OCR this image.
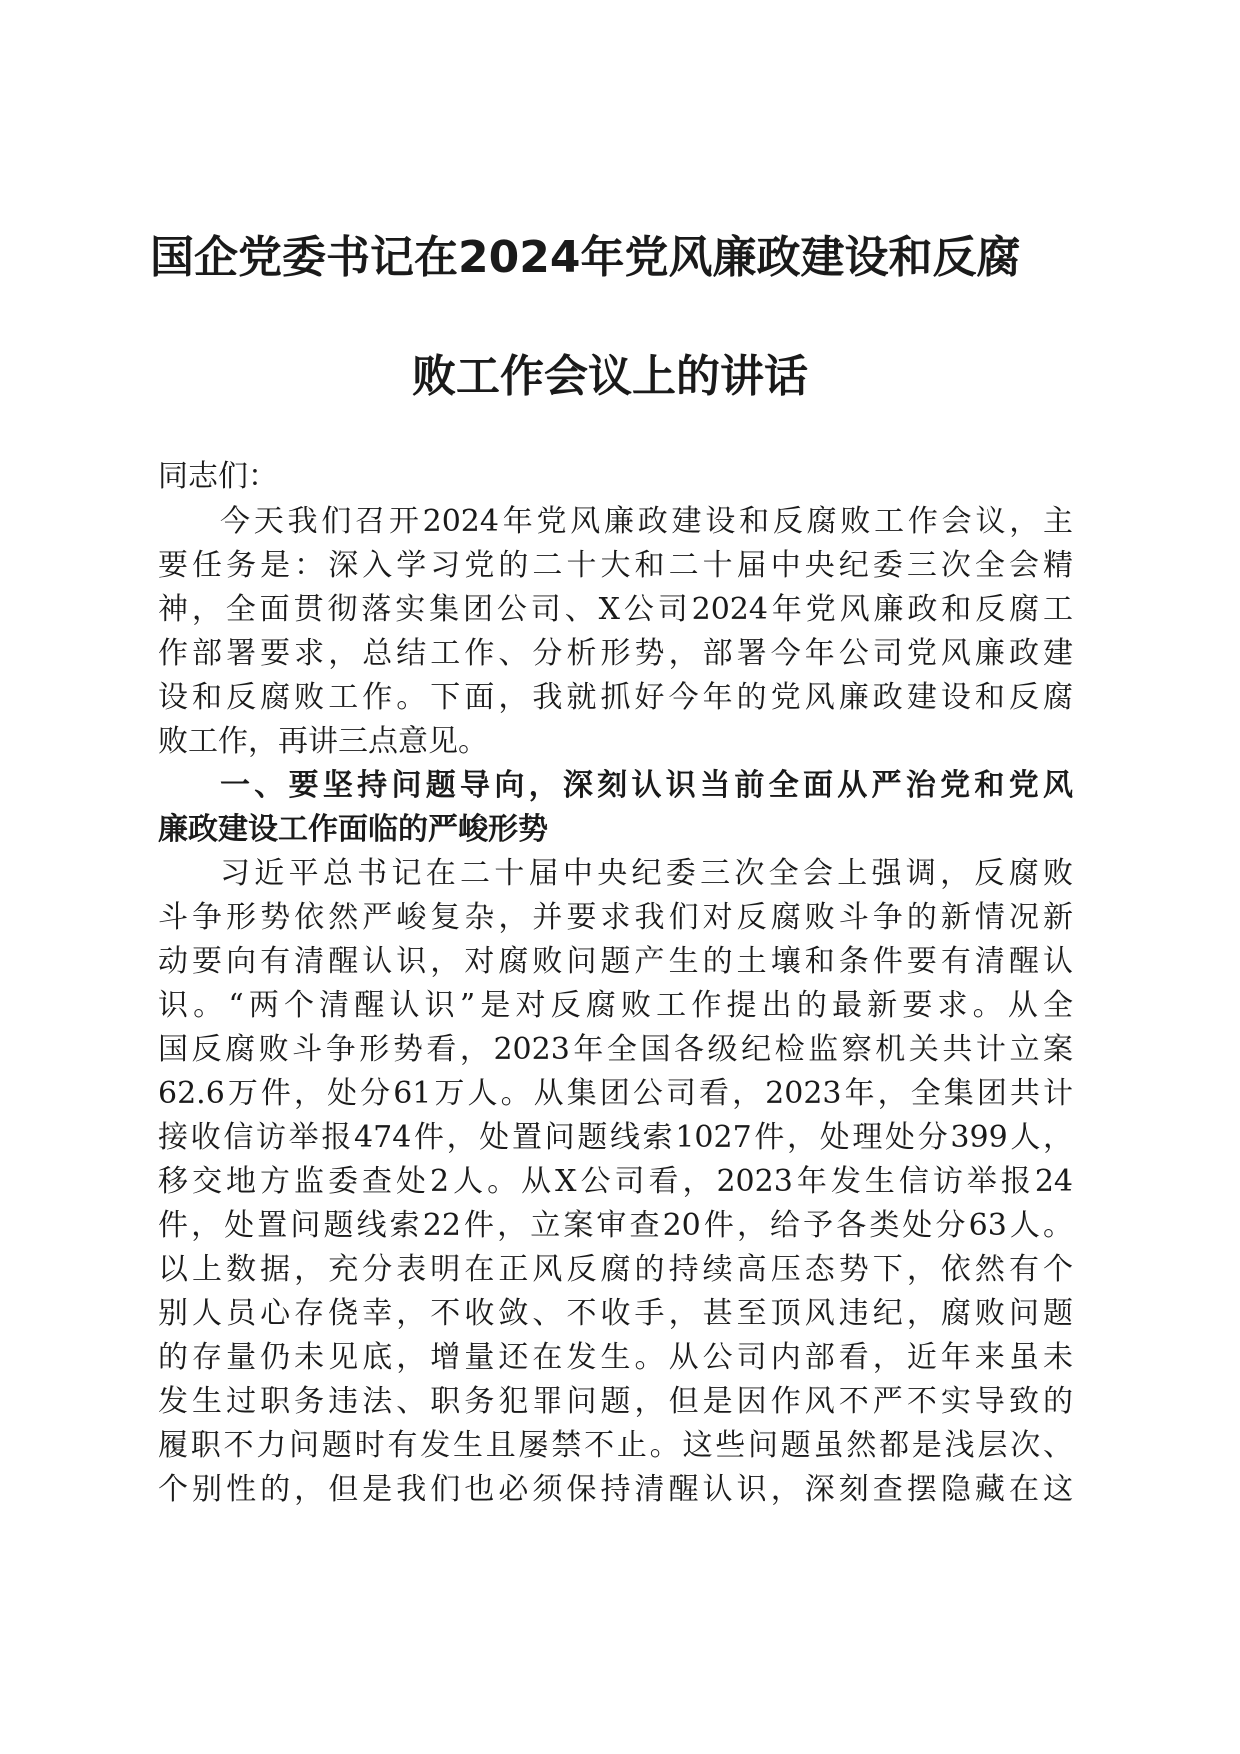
国企党委书记在2024年党风廉政建设和反腐
败工作会议上的讲话

同志们：

今天我们召开2024年党风廉政建设和反腐败工作会议，主

要任务是：深入学习党的二十大和二十届中央纪委三次全会精

神，全面贯彻落实集团公司、X公司2024年党风廉政和反腐工

作部署要求，总结工作、分析形势，部署今年公司党风廉政建

设和反腐败工作。下面，我就抓好今年的党风廉政建设和反腐

败工作，再讲三点意见。

一、要坚持问题导向，深刻认识当前全面从严治党和党风

廉政建设工作面临的严峻形势

习近平总书记在二十届中央纪委三次全会上强调，反腐败

斗争形势依然严峻复杂，并要求我们对反腐败斗争的新情况新

动要向有清醒认识，对腐败问题产生的土壤和条件要有清醒认

识。“两个清醒认识”是对反腐败工作提出的最新要求。从全

国反腐败斗争形势看，2023年全国各级纪检监察机关共计立案

62.6万件，处分61万人。从集团公司看，2023年，全集团共计

接收信访举报474件，处置问题线索1027件，处理处分399人，

移交地方监委查处2人。从X公司看，2023年发生信访举报24

件，处置问题线索22件，立案审查20件，给予各类处分63人。

以上数据，充分表明在正风反腐的持续高压态势下，依然有个

别人员心存侥幸，不收敛、不收手，甚至顶风违纪，腐败问题

的存量仍未见底，增量还在发生。从公司内部看，近年来虽未

发生过职务违法、职务犯罪问题，但是因作风不严不实导致的

履职不力问题时有发生且屡禁不止。这些问题虽然都是浅层次、

个别性的，但是我们也必须保持清醒认识，深刻查摆隐藏在这
